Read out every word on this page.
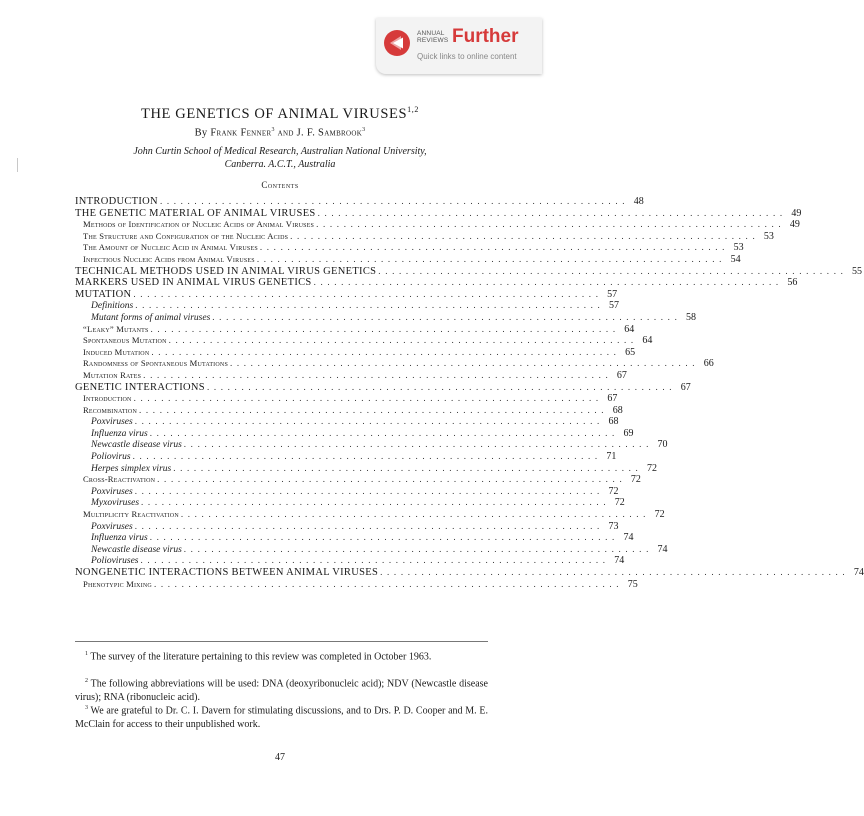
ANNUAL
REVIEWS Further
Quick links to online content
THE GENETICS OF ANIMAL VIRUSES$^{1,2}$
By Frank Fenner$^3$ and J. F. Sambrook$^3$
John Curtin School of Medical Research, Australian National University,
Canberra. A.C.T., Australia
Contents
INTRODUCTION . . . . . . . . . . . . . . . . . . . . . . . . . . . . . . . . . . . . . . . . . . . . . . . . . . . . . . . . . . . . . . . . . . . . 48
THE GENETIC MATERIAL OF ANIMAL VIRUSES . . . . . . . . . . . . . . . . . . . . . . . . . . . . . . . . . . . . . . . . . . . . . . . . . . . . . . . . . . . . . . . . . . . . 49
Methods of Identification of Nucleic Acids of Animal Viruses . . . . . . . . . . . . . . . . . . . . . . . . . . . . . . . . . . . . . . . . . . . . . . . . . . . . . . . . . . . . . . . . . . . . 49
The Structure and Configuration of the Nucleic Acids . . . . . . . . . . . . . . . . . . . . . . . . . . . . . . . . . . . . . . . . . . . . . . . . . . . . . . . . . . . . . . . . . . . . 53
The Amount of Nucleic Acid in Animal Viruses . . . . . . . . . . . . . . . . . . . . . . . . . . . . . . . . . . . . . . . . . . . . . . . . . . . . . . . . . . . . . . . . . . . . 53
Infectious Nucleic Acids from Animal Viruses . . . . . . . . . . . . . . . . . . . . . . . . . . . . . . . . . . . . . . . . . . . . . . . . . . . . . . . . . . . . . . . . . . . . 54
TECHNICAL METHODS USED IN ANIMAL VIRUS GENETICS . . . . . . . . . . . . . . . . . . . . . . . . . . . . . . . . . . . . . . . . . . . . . . . . . . . . . . . . . . . . . . . . . . . . 55
MARKERS USED IN ANIMAL VIRUS GENETICS . . . . . . . . . . . . . . . . . . . . . . . . . . . . . . . . . . . . . . . . . . . . . . . . . . . . . . . . . . . . . . . . . . . . 56
MUTATION . . . . . . . . . . . . . . . . . . . . . . . . . . . . . . . . . . . . . . . . . . . . . . . . . . . . . . . . . . . . . . . . . . . . 57
Definitions . . . . . . . . . . . . . . . . . . . . . . . . . . . . . . . . . . . . . . . . . . . . . . . . . . . . . . . . . . . . . . . . . . . . 57
Mutant forms of animal viruses . . . . . . . . . . . . . . . . . . . . . . . . . . . . . . . . . . . . . . . . . . . . . . . . . . . . . . . . . . . . . . . . . . . . 58
“Leaky” Mutants . . . . . . . . . . . . . . . . . . . . . . . . . . . . . . . . . . . . . . . . . . . . . . . . . . . . . . . . . . . . . . . . . . . . 64
Spontaneous Mutation . . . . . . . . . . . . . . . . . . . . . . . . . . . . . . . . . . . . . . . . . . . . . . . . . . . . . . . . . . . . . . . . . . . . 64
Induced Mutation . . . . . . . . . . . . . . . . . . . . . . . . . . . . . . . . . . . . . . . . . . . . . . . . . . . . . . . . . . . . . . . . . . . . 65
Randomness of Spontaneous Mutations . . . . . . . . . . . . . . . . . . . . . . . . . . . . . . . . . . . . . . . . . . . . . . . . . . . . . . . . . . . . . . . . . . . . 66
Mutation Rates . . . . . . . . . . . . . . . . . . . . . . . . . . . . . . . . . . . . . . . . . . . . . . . . . . . . . . . . . . . . . . . . . . . . 67
GENETIC INTERACTIONS . . . . . . . . . . . . . . . . . . . . . . . . . . . . . . . . . . . . . . . . . . . . . . . . . . . . . . . . . . . . . . . . . . . . 67
Introduction . . . . . . . . . . . . . . . . . . . . . . . . . . . . . . . . . . . . . . . . . . . . . . . . . . . . . . . . . . . . . . . . . . . . 67
Recombination . . . . . . . . . . . . . . . . . . . . . . . . . . . . . . . . . . . . . . . . . . . . . . . . . . . . . . . . . . . . . . . . . . . . 68
Poxviruses . . . . . . . . . . . . . . . . . . . . . . . . . . . . . . . . . . . . . . . . . . . . . . . . . . . . . . . . . . . . . . . . . . . . 68
Influenza virus . . . . . . . . . . . . . . . . . . . . . . . . . . . . . . . . . . . . . . . . . . . . . . . . . . . . . . . . . . . . . . . . . . . . 69
Newcastle disease virus . . . . . . . . . . . . . . . . . . . . . . . . . . . . . . . . . . . . . . . . . . . . . . . . . . . . . . . . . . . . . . . . . . . . 70
Poliovirus . . . . . . . . . . . . . . . . . . . . . . . . . . . . . . . . . . . . . . . . . . . . . . . . . . . . . . . . . . . . . . . . . . . . 71
Herpes simplex virus . . . . . . . . . . . . . . . . . . . . . . . . . . . . . . . . . . . . . . . . . . . . . . . . . . . . . . . . . . . . . . . . . . . . 72
Cross-Reactivation . . . . . . . . . . . . . . . . . . . . . . . . . . . . . . . . . . . . . . . . . . . . . . . . . . . . . . . . . . . . . . . . . . . . 72
Poxviruses . . . . . . . . . . . . . . . . . . . . . . . . . . . . . . . . . . . . . . . . . . . . . . . . . . . . . . . . . . . . . . . . . . . . 72
Myxoviruses . . . . . . . . . . . . . . . . . . . . . . . . . . . . . . . . . . . . . . . . . . . . . . . . . . . . . . . . . . . . . . . . . . . . 72
Multiplicity Reactivation . . . . . . . . . . . . . . . . . . . . . . . . . . . . . . . . . . . . . . . . . . . . . . . . . . . . . . . . . . . . . . . . . . . . 72
Poxviruses . . . . . . . . . . . . . . . . . . . . . . . . . . . . . . . . . . . . . . . . . . . . . . . . . . . . . . . . . . . . . . . . . . . . 73
Influenza virus . . . . . . . . . . . . . . . . . . . . . . . . . . . . . . . . . . . . . . . . . . . . . . . . . . . . . . . . . . . . . . . . . . . . 74
Newcastle disease virus . . . . . . . . . . . . . . . . . . . . . . . . . . . . . . . . . . . . . . . . . . . . . . . . . . . . . . . . . . . . . . . . . . . . 74
Polioviruses . . . . . . . . . . . . . . . . . . . . . . . . . . . . . . . . . . . . . . . . . . . . . . . . . . . . . . . . . . . . . . . . . . . . 74
NONGENETIC INTERACTIONS BETWEEN ANIMAL VIRUSES . . . . . . . . . . . . . . . . . . . . . . . . . . . . . . . . . . . . . . . . . . . . . . . . . . . . . . . . . . . . . . . . . . . . 74
Phenotypic Mixing . . . . . . . . . . . . . . . . . . . . . . . . . . . . . . . . . . . . . . . . . . . . . . . . . . . . . . . . . . . . . . . . . . . . 75
$^1$ The survey of the literature pertaining to this review was completed in October 1963.
$^2$ The following abbreviations will be used: DNA (deoxyribonucleic acid); NDV (Newcastle disease virus); RNA (ribonucleic acid).
$^3$ We are grateful to Dr. C. I. Davern for stimulating discussions, and to Drs. P. D. Cooper and M. E. McClain for access to their unpublished work.
47
